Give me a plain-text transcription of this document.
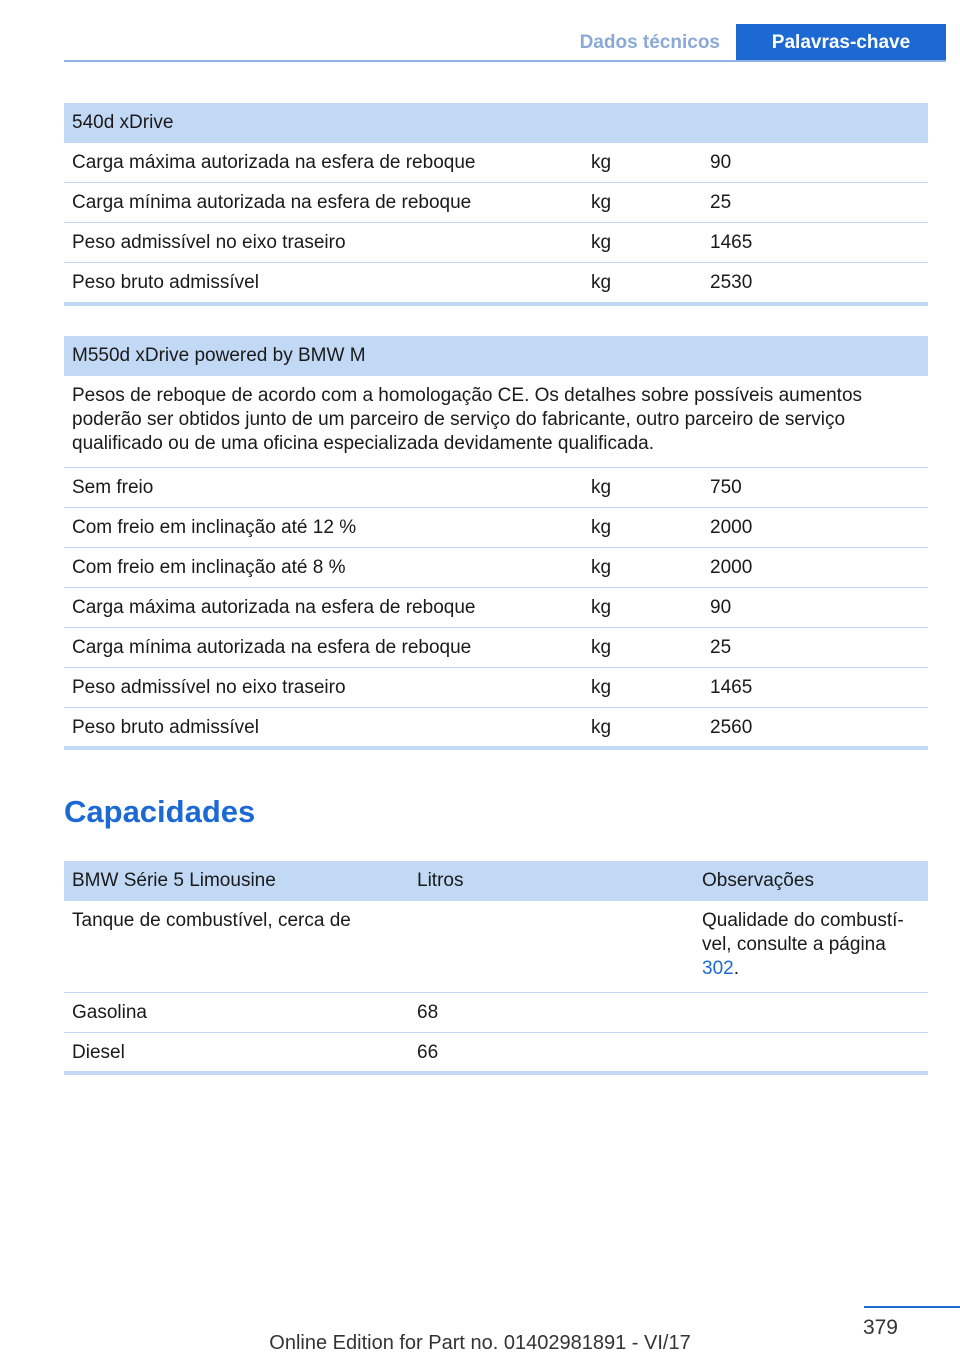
Dados técnicos	Palavras-chave
540d xDrive		
Carga máxima autorizada na esfera de reboque	kg	90
Carga mínima autorizada na esfera de reboque	kg	25
Peso admissível no eixo traseiro	kg	1465
Peso bruto admissível	kg	2530
M550d xDrive powered by BMW M		
Pesos de reboque de acordo com a homologação CE. Os detalhes sobre possíveis aumentos poderão ser obtidos junto de um parceiro de serviço do fabricante, outro parceiro de serviço qualificado ou de uma oficina especializada devidamente qualificada.		
Sem freio	kg	750
Com freio em inclinação até 12 %	kg	2000
Com freio em inclinação até 8 %	kg	2000
Carga máxima autorizada na esfera de reboque	kg	90
Carga mínima autorizada na esfera de reboque	kg	25
Peso admissível no eixo traseiro	kg	1465
Peso bruto admissível	kg	2560
Capacidades
BMW Série 5 Limousine	Litros	Observações
Tanque de combustível, cerca de		Qualidade do combustí-vel, consulte a página 302.
Gasolina	68	
Diesel	66	
379
Online Edition for Part no. 01402981891 - VI/17
